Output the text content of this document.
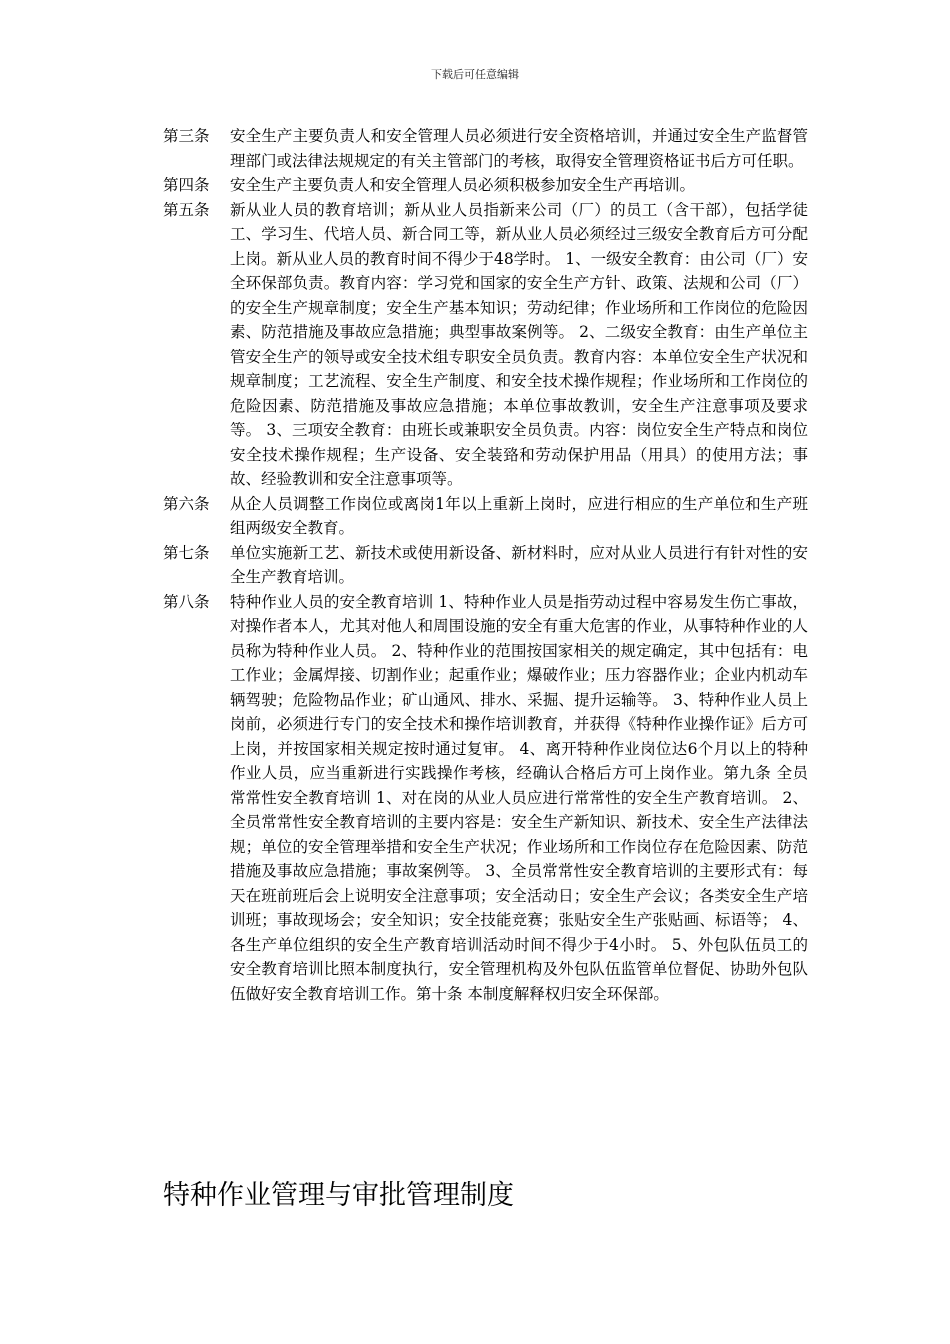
下载后可任意编辑
第三条	安全生产主要负责人和安全管理人员必须进行安全资格培训，并通过安全生产监督管理部门或法律法规规定的有关主管部门的考核，取得安全管理资格证书后方可任职。
第四条	安全生产主要负责人和安全管理人员必须积极参加安全生产再培训。
第五条	新从业人员的教育培训；新从业人员指新来公司（厂）的员工（含干部），包括学徒工、学习生、代培人员、新合同工等，新从业人员必须经过三级安全教育后方可分配上岗。新从业人员的教育时间不得少于48学时。 1、一级安全教育：由公司（厂）安全环保部负责。教育内容：学习党和国家的安全生产方针、政策、法规和公司（厂）的安全生产规章制度；安全生产基本知识；劳动纪律；作业场所和工作岗位的危险因素、防范措施及事故应急措施；典型事故案例等。 2、二级安全教育：由生产单位主管安全生产的领导或安全技术组专职安全员负责。教育内容：本单位安全生产状况和规章制度；工艺流程、安全生产制度、和安全技术操作规程；作业场所和工作岗位的危险因素、防范措施及事故应急措施；本单位事故教训，安全生产注意事项及要求等。 3、三项安全教育：由班长或兼职安全员负责。内容：岗位安全生产特点和岗位安全技术操作规程；生产设备、安全装臵和劳动保护用品（用具）的使用方法；事故、经验教训和安全注意事项等。
第六条	从企人员调整工作岗位或离岗1年以上重新上岗时，应进行相应的生产单位和生产班组两级安全教育。
第七条	单位实施新工艺、新技术或使用新设备、新材料时，应对从业人员进行有针对性的安全生产教育培训。
第八条	特种作业人员的安全教育培训 1、特种作业人员是指劳动过程中容易发生伤亡事故，对操作者本人，尤其对他人和周围设施的安全有重大危害的作业，从事特种作业的人员称为特种作业人员。 2、特种作业的范围按国家相关的规定确定，其中包括有：电工作业；金属焊接、切割作业；起重作业；爆破作业；压力容器作业；企业内机动车辆驾驶；危险物品作业；矿山通风、排水、采掘、提升运输等。 3、特种作业人员上岗前，必须进行专门的安全技术和操作培训教育，并获得《特种作业操作证》后方可上岗，并按国家相关规定按时通过复审。 4、离开特种作业岗位达6个月以上的特种作业人员，应当重新进行实践操作考核，经确认合格后方可上岗作业。第九条 全员常常性安全教育培训 1、对在岗的从业人员应进行常常性的安全生产教育培训。 2、全员常常性安全教育培训的主要内容是：安全生产新知识、新技术、安全生产法律法规；单位的安全管理举措和安全生产状况；作业场所和工作岗位存在危险因素、防范措施及事故应急措施；事故案例等。 3、全员常常性安全教育培训的主要形式有：每天在班前班后会上说明安全注意事项；安全活动日；安全生产会议；各类安全生产培训班；事故现场会；安全知识；安全技能竞赛；张贴安全生产张贴画、标语等； 4、各生产单位组织的安全生产教育培训活动时间不得少于4小时。 5、外包队伍员工的安全教育培训比照本制度执行，安全管理机构及外包队伍监管单位督促、协助外包队伍做好安全教育培训工作。第十条 本制度解释权归安全环保部。
特种作业管理与审批管理制度
